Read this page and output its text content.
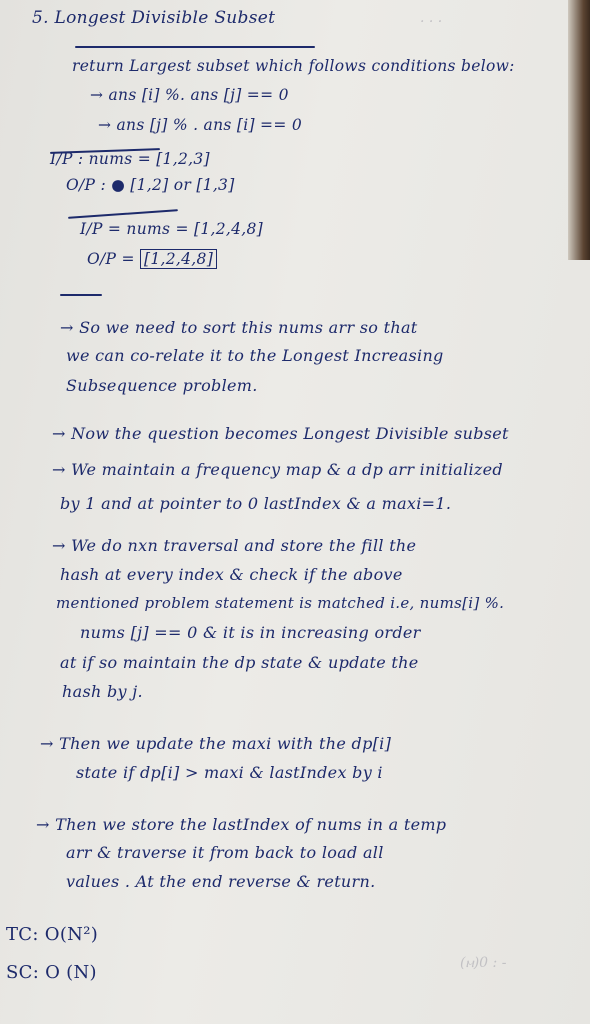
· · ·
5. Longest Divisible Subset
return Largest subset which follows conditions below:
→ ans [i] %. ans [j] == 0
→ ans [j] % . ans [i] == 0
I/P : nums = [1,2,3]
O/P : ● [1,2] or [1,3]
I/P = nums = [1,2,4,8]
O/P = [1,2,4,8]
→ So we need to sort this nums arr so that
we can co-relate it to the Longest Increasing
Subsequence problem.
→ Now the question becomes Longest Divisible subset
→ We maintain a frequency map & a dp arr initialized
by 1 and at pointer to 0 lastIndex & a maxi=1.
→ We do nxn traversal and store the fill the
hash at every index & check if the above
mentioned problem statement is matched i.e, nums[i] %.
nums [j] == 0 & it is in increasing order
at if so maintain the dp state & update the
hash by j.
→ Then we update the maxi with the dp[i]
state if dp[i] > maxi & lastIndex by i
→ Then we store the lastIndex of nums in a temp
arr & traverse it from back to load all
values . At the end reverse & return.
TC: O(N²)
SC: O (N)	(ⲙ)0 : -
